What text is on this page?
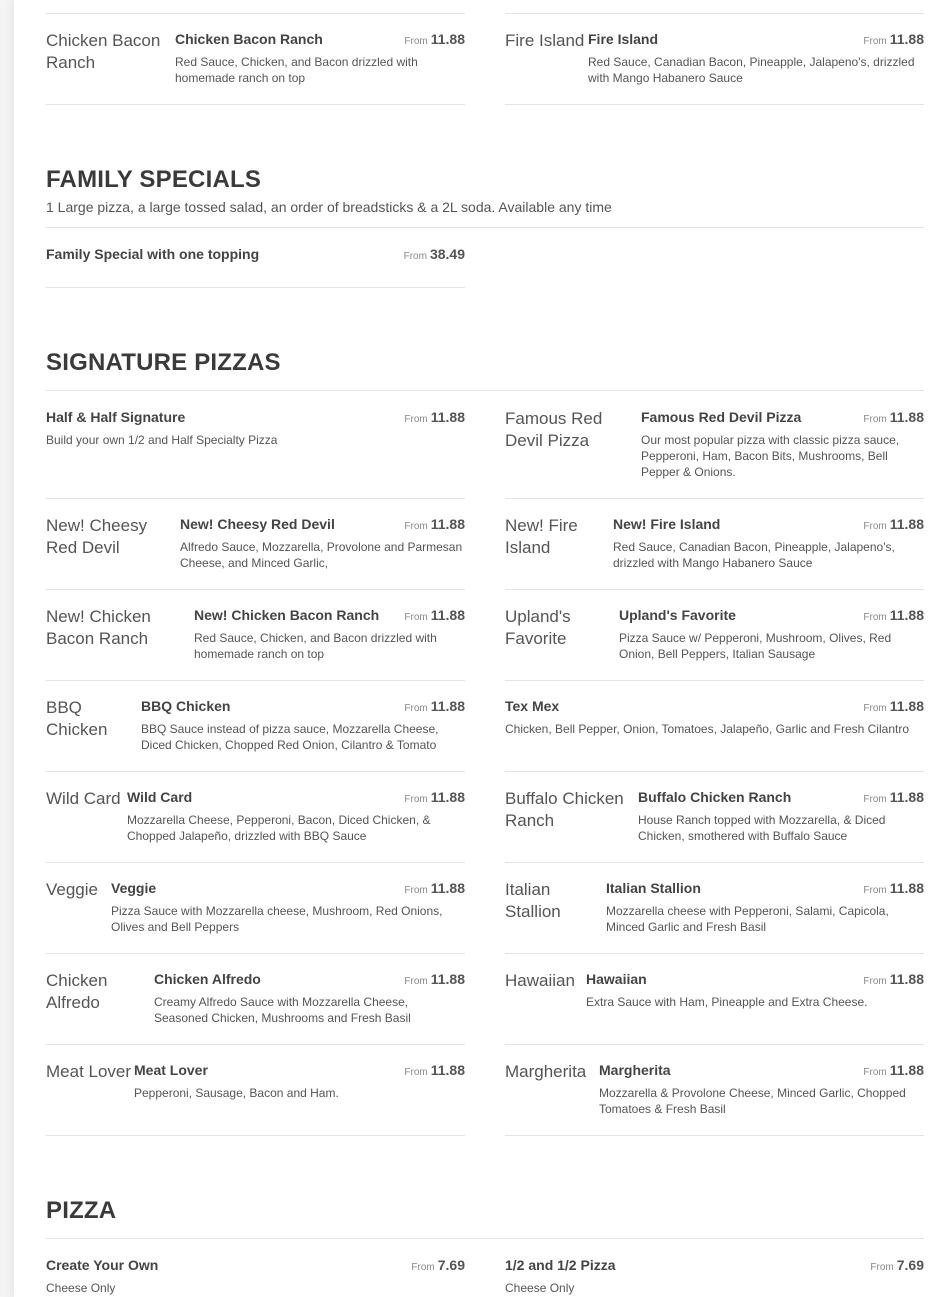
Chicken Bacon Ranch
Chicken Bacon Ranch	From 11.88
Red Sauce, Chicken, and Bacon drizzled with homemade ranch on top
Fire Island Fire Island	From 11.88
Red Sauce, Canadian Bacon, Pineapple, Jalapeno's, drizzled with Mango Habanero Sauce
FAMILY SPECIALS
1 Large pizza, a large tossed salad, an order of breadsticks & a 2L soda. Available any time
Family Special with one topping	From 38.49
SIGNATURE PIZZAS
Half & Half Signature	From 11.88
Build your own 1/2 and Half Specialty Pizza
Famous Red Devil Pizza
Famous Red Devil Pizza	From 11.88
Our most popular pizza with classic pizza sauce, Pepperoni, Ham, Bacon Bits, Mushrooms, Bell Pepper & Onions.
New! Cheesy Red Devil
New! Cheesy Red Devil	From 11.88
Alfredo Sauce, Mozzarella, Provolone and Parmesan Cheese, and Minced Garlic,
New! Fire Island
New! Fire Island	From 11.88
Red Sauce, Canadian Bacon, Pineapple, Jalapeno's, drizzled with Mango Habanero Sauce
New! Chicken Bacon Ranch
New! Chicken Bacon Ranch	From 11.88
Red Sauce, Chicken, and Bacon drizzled with homemade ranch on top
Upland's Favorite
Upland's Favorite	From 11.88
Pizza Sauce w/ Pepperoni, Mushroom, Olives, Red Onion, Bell Peppers, Italian Sausage
BBQ Chicken
BBQ Chicken	From 11.88
BBQ Sauce instead of pizza sauce, Mozzarella Cheese, Diced Chicken, Chopped Red Onion, Cilantro & Tomato
Tex Mex	From 11.88
Chicken, Bell Pepper, Onion, Tomatoes, Jalapeño, Garlic and Fresh Cilantro
Wild Card Wild Card	From 11.88
Mozzarella Cheese, Pepperoni, Bacon, Diced Chicken, & Chopped Jalapeño, drizzled with BBQ Sauce
Buffalo Chicken Ranch
Buffalo Chicken Ranch	From 11.88
House Ranch topped with Mozzarella, & Diced Chicken, smothered with Buffalo Sauce
Veggie Veggie	From 11.88
Pizza Sauce with Mozzarella cheese, Mushroom, Red Onions, Olives and Bell Peppers
Italian Stallion
Italian Stallion	From 11.88
Mozzarella cheese with Pepperoni, Salami, Capicola, Minced Garlic and Fresh Basil
Chicken Alfredo
Chicken Alfredo	From 11.88
Creamy Alfredo Sauce with Mozzarella Cheese, Seasoned Chicken, Mushrooms and Fresh Basil
Hawaiian Hawaiian	From 11.88
Extra Sauce with Ham, Pineapple and Extra Cheese.
Meat Lover Meat Lover	From 11.88
Pepperoni, Sausage, Bacon and Ham.
Margherita Margherita	From 11.88
Mozzarella & Provolone Cheese, Minced Garlic, Chopped Tomatoes & Fresh Basil
PIZZA
Create Your Own	From 7.69
Cheese Only
1/2 and 1/2 Pizza	From 7.69
Cheese Only
